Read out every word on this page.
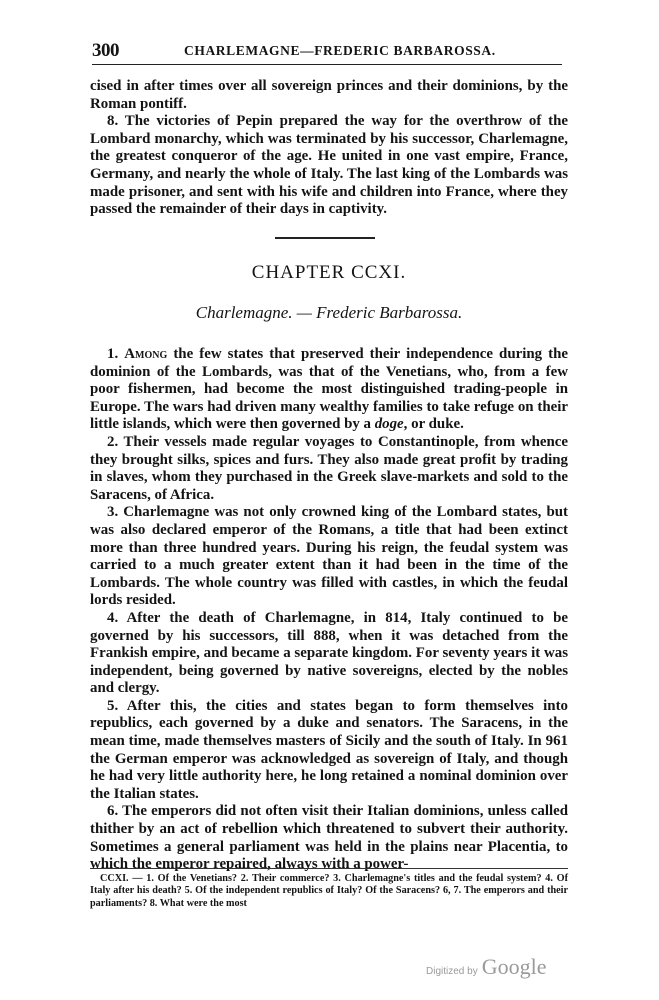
300	CHARLEMAGNE—FREDERIC BARBAROSSA.

cised in after times over all sovereign princes and their dominions, by the Roman pontiff.

8. The victories of Pepin prepared the way for the overthrow of the Lombard monarchy, which was terminated by his successor, Charlemagne, the greatest conqueror of the age. He united in one vast empire, France, Germany, and nearly the whole of Italy. The last king of the Lombards was made prisoner, and sent with his wife and children into France, where they passed the remainder of their days in captivity.

CHAPTER CCXI.
Charlemagne. — Frederic Barbarossa.

1. Among the few states that preserved their independence during the dominion of the Lombards, was that of the Venetians, who, from a few poor fishermen, had become the most distinguished trading-people in Europe. The wars had driven many wealthy families to take refuge on their little islands, which were then governed by a doge, or duke.

2. Their vessels made regular voyages to Constantinople, from whence they brought silks, spices and furs. They also made great profit by trading in slaves, whom they purchased in the Greek slave-markets and sold to the Saracens, of Africa.

3. Charlemagne was not only crowned king of the Lombard states, but was also declared emperor of the Romans, a title that had been extinct more than three hundred years. During his reign, the feudal system was carried to a much greater extent than it had been in the time of the Lombards. The whole country was filled with castles, in which the feudal lords resided.

4. After the death of Charlemagne, in 814, Italy continued to be governed by his successors, till 888, when it was detached from the Frankish empire, and became a separate kingdom. For seventy years it was independent, being governed by native sovereigns, elected by the nobles and clergy.

5. After this, the cities and states began to form themselves into republics, each governed by a duke and senators. The Saracens, in the mean time, made themselves masters of Sicily and the south of Italy. In 961 the German emperor was acknowledged as sovereign of Italy, and though he had very little authority here, he long retained a nominal dominion over the Italian states.

6. The emperors did not often visit their Italian dominions, unless called thither by an act of rebellion which threatened to subvert their authority. Sometimes a general parliament was held in the plains near Placentia, to which the emperor repaired, always with a power-

CCXI. — 1. Of the Venetians? 2. Their commerce? 3. Charlemagne's titles and the feudal system? 4. Of Italy after his death? 5. Of the independent republics of Italy? Of the Saracens? 6, 7. The emperors and their parliaments? 8. What were the most

Digitized by Google
